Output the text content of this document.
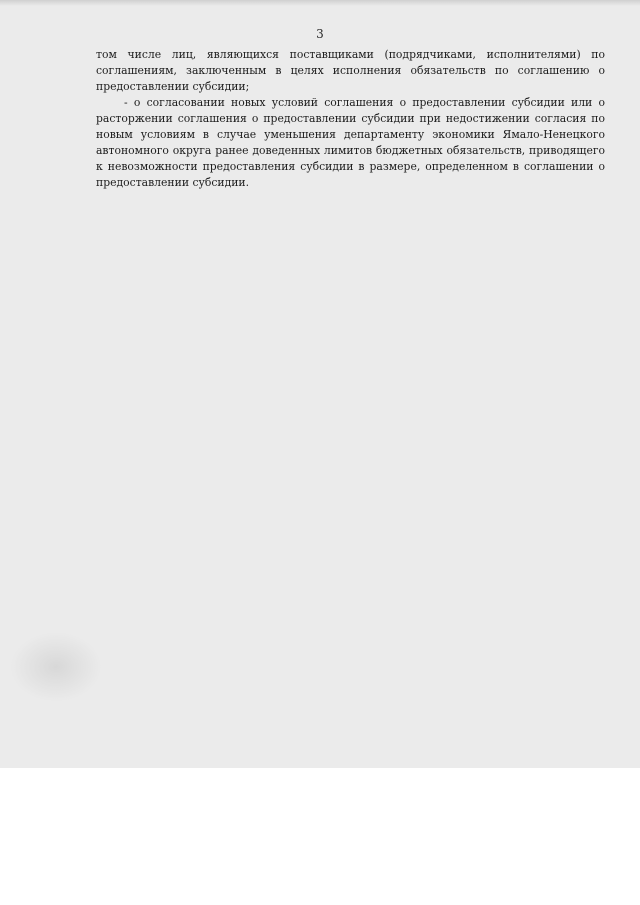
3

том числе лиц, являющихся поставщиками (подрядчиками, исполнителями) по соглашениям, заключенным в целях исполнения обязательств по соглашению о предоставлении субсидии;

- о согласовании новых условий соглашения о предоставлении субсидии или о расторжении соглашения о предоставлении субсидии при недостижении согласия по новым условиям в случае уменьшения департаменту экономики Ямало-Ненецкого автономного округа ранее доведенных лимитов бюджетных обязательств, приводящего к невозможности предоставления субсидии в размере, определенном в соглашении о предоставлении субсидии.
